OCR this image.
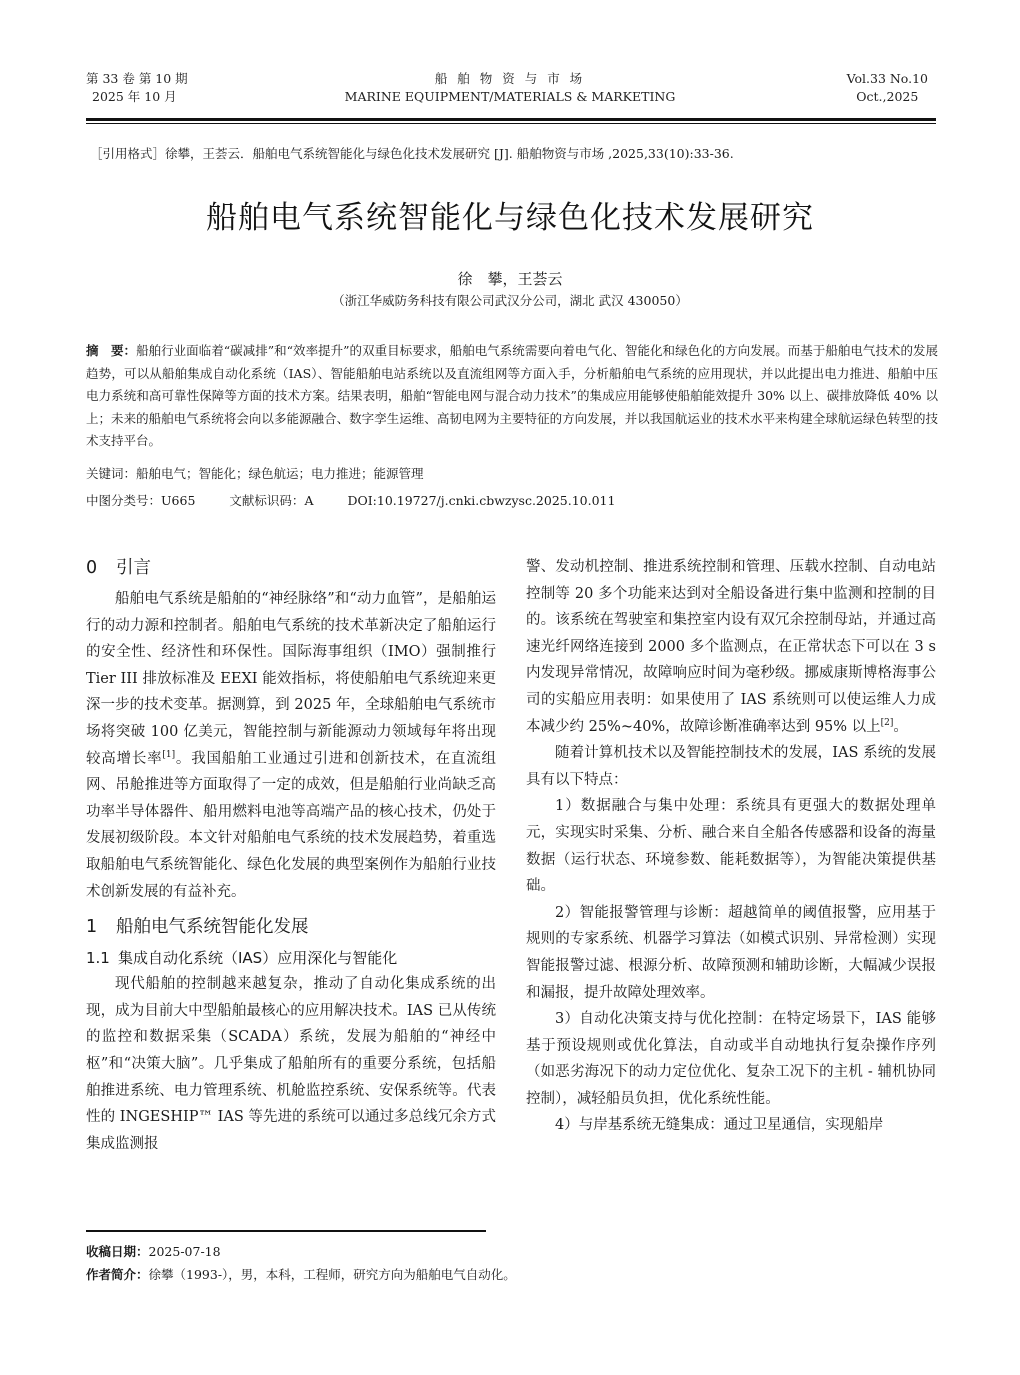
第 33 卷 第 10 期
2025 年 10 月
船 舶 物 资 与 市 场
MARINE EQUIPMENT/MATERIALS & MARKETING
Vol.33 No.10
Oct.,2025
［引用格式］徐攀，王荟云．船舶电气系统智能化与绿色化技术发展研究 [J]. 船舶物资与市场 ,2025,33(10):33-36.
船舶电气系统智能化与绿色化技术发展研究
徐　攀，王荟云
（浙江华威防务科技有限公司武汉分公司，湖北 武汉 430050）
摘　要：船舶行业面临着“碳减排”和“效率提升”的双重目标要求，船舶电气系统需要向着电气化、智能化和绿色化的方向发展。而基于船舶电气技术的发展趋势，可以从船舶集成自动化系统（IAS）、智能船舶电站系统以及直流组网等方面入手，分析船舶电气系统的应用现状，并以此提出电力推进、船舶中压电力系统和高可靠性保障等方面的技术方案。结果表明，船舶“智能电网与混合动力技术”的集成应用能够使船舶能效提升 30% 以上、碳排放降低 40% 以上；未来的船舶电气系统将会向以多能源融合、数字孪生运维、高韧电网为主要特征的方向发展，并以我国航运业的技术水平来构建全球航运绿色转型的技术支持平台。
关键词：船舶电气；智能化；绿色航运；电力推进；能源管理
中图分类号：U665	文献标识码：A	DOI:10.19727/j.cnki.cbwzysc.2025.10.011
0 引言

船舶电气系统是船舶的“神经脉络”和“动力血管”，是船舶运行的动力源和控制者。船舶电气系统的技术革新决定了船舶运行的安全性、经济性和环保性。国际海事组织（IMO）强制推行 Tier III 排放标准及 EEXI 能效指标，将使船舶电气系统迎来更深一步的技术变革。据测算，到 2025 年，全球船舶电气系统市场将突破 100 亿美元，智能控制与新能源动力领域每年将出现较高增长率[1]。我国船舶工业通过引进和创新技术，在直流组网、吊舱推进等方面取得了一定的成效，但是船舶行业尚缺乏高功率半导体器件、船用燃料电池等高端产品的核心技术，仍处于发展初级阶段。本文针对船舶电气系统的技术发展趋势，着重选取船舶电气系统智能化、绿色化发展的典型案例作为船舶行业技术创新发展的有益补充。

1 船舶电气系统智能化发展
1.1 集成自动化系统（IAS）应用深化与智能化

现代船舶的控制越来越复杂，推动了自动化集成系统的出现，成为目前大中型船舶最核心的应用解决技术。IAS 已从传统的监控和数据采集（SCADA）系统，发展为船舶的“神经中枢”和“决策大脑”。几乎集成了船舶所有的重要分系统，包括船舶推进系统、电力管理系统、机舱监控系统、安保系统等。代表性的 INGESHIP™ IAS 等先进的系统可以通过多总线冗余方式集成监测报

警、发动机控制、推进系统控制和管理、压载水控制、自动电站控制等 20 多个功能来达到对全船设备进行集中监测和控制的目的。该系统在驾驶室和集控室内设有双冗余控制母站，并通过高速光纤网络连接到 2000 多个监测点，在正常状态下可以在 3 s 内发现异常情况，故障响应时间为毫秒级。挪威康斯博格海事公司的实船应用表明：如果使用了 IAS 系统则可以使运维人力成本减少约 25%~40%，故障诊断准确率达到 95% 以上[2]。

随着计算机技术以及智能控制技术的发展，IAS 系统的发展具有以下特点：

1）数据融合与集中处理：系统具有更强大的数据处理单元，实现实时采集、分析、融合来自全船各传感器和设备的海量数据（运行状态、环境参数、能耗数据等），为智能决策提供基础。

2）智能报警管理与诊断：超越简单的阈值报警，应用基于规则的专家系统、机器学习算法（如模式识别、异常检测）实现智能报警过滤、根源分析、故障预测和辅助诊断，大幅减少误报和漏报，提升故障处理效率。

3）自动化决策支持与优化控制：在特定场景下，IAS 能够基于预设规则或优化算法，自动或半自动地执行复杂操作序列（如恶劣海况下的动力定位优化、复杂工况下的主机 - 辅机协同控制），减轻船员负担，优化系统性能。

4）与岸基系统无缝集成：通过卫星通信，实现船岸

收稿日期：2025-07-18
作者简介：徐攀（1993-），男，本科，工程师，研究方向为船舶电气自动化。
